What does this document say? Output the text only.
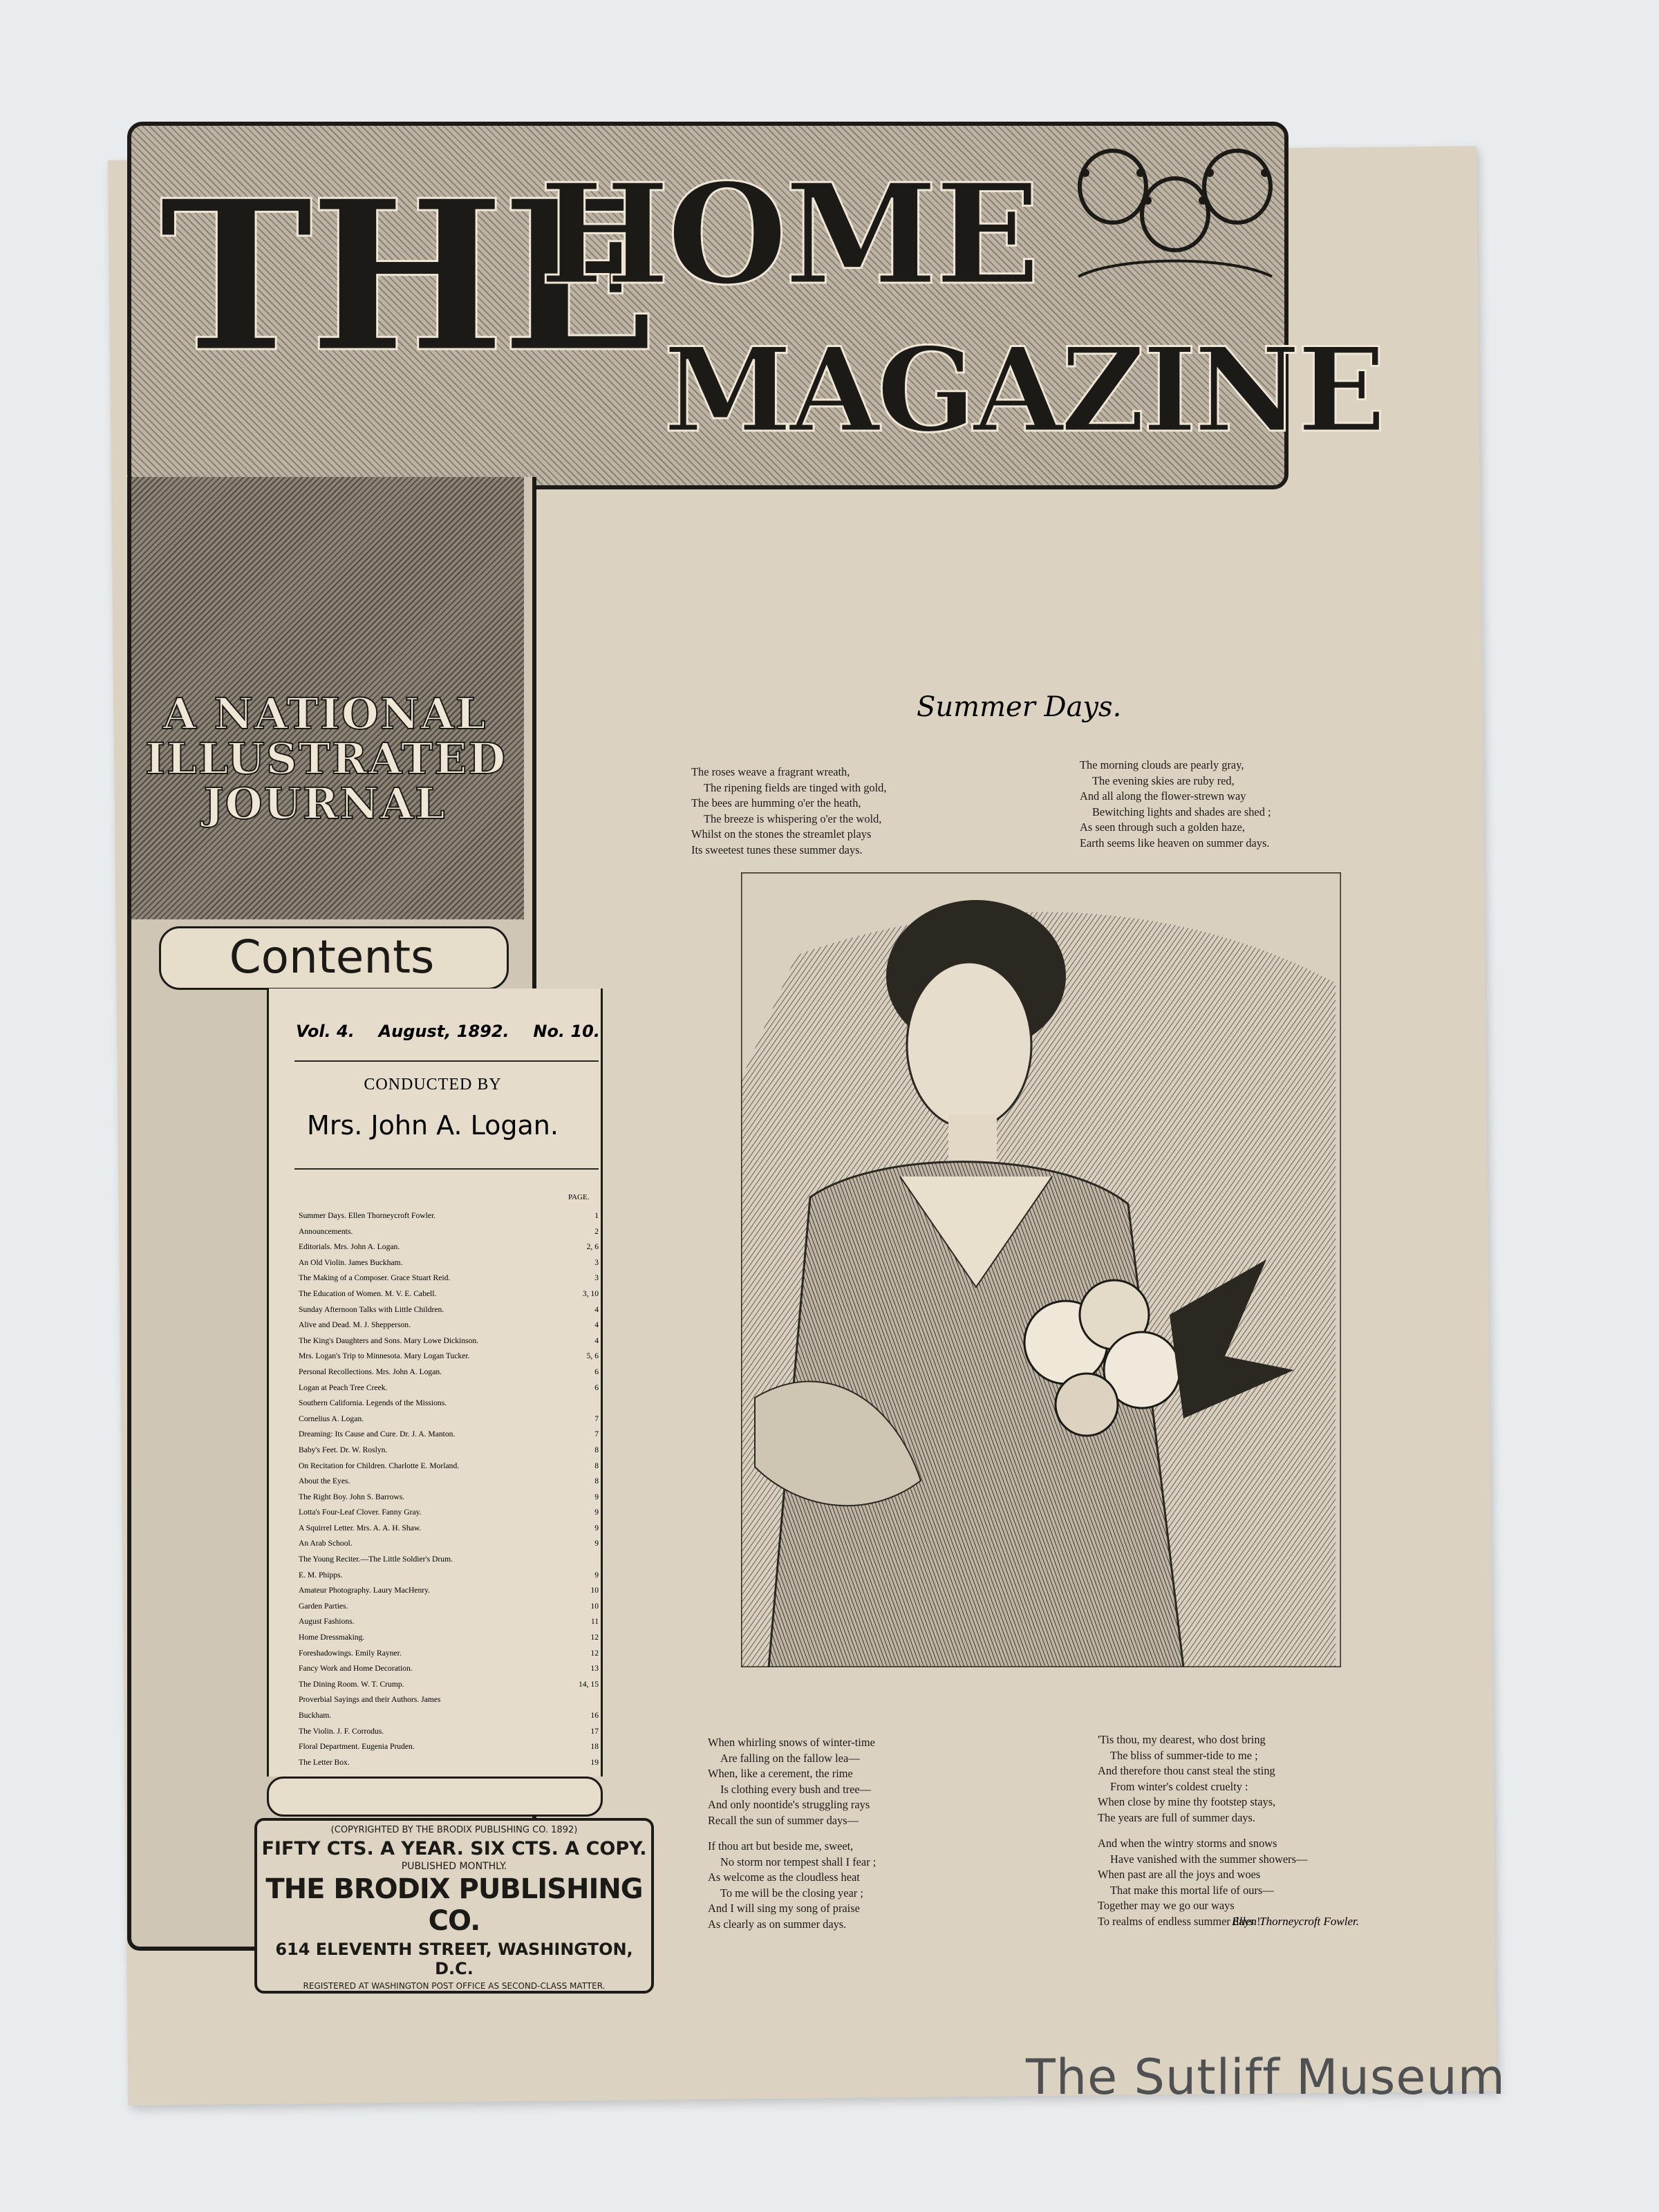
THE
HOME
MAGAZINE
A NATIONAL
ILLUSTRATED
JOURNAL
Contents
Vol. 4. August, 1892. No. 10.
CONDUCTED BY
Mrs. John A. Logan.
PAGE.
Summer Days. Ellen Thorneycroft Fowler.	1
Announcements.	2
Editorials. Mrs. John A. Logan.	2, 6
An Old Violin. James Buckham.	3
The Making of a Composer. Grace Stuart Reid.	3
The Education of Women. M. V. E. Cabell.	3, 10
Sunday Afternoon Talks with Little Children.	4
Alive and Dead. M. J. Shepperson.	4
The King's Daughters and Sons. Mary Lowe Dickinson.	4
Mrs. Logan's Trip to Minnesota. Mary Logan Tucker.	5, 6
Personal Recollections. Mrs. John A. Logan.	6
Logan at Peach Tree Creek.	6
Southern California. Legends of the Missions.
Cornelius A. Logan.	7
Dreaming: Its Cause and Cure. Dr. J. A. Manton.	7
Baby's Feet. Dr. W. Roslyn.	8
On Recitation for Children. Charlotte E. Morland.	8
About the Eyes.	8
The Right Boy. John S. Barrows.	9
Lotta's Four-Leaf Clover. Fanny Gray.	9
A Squirrel Letter. Mrs. A. A. H. Shaw.	9
An Arab School.	9
The Young Reciter.—The Little Soldier's Drum.
E. M. Phipps.	9
Amateur Photography. Laury MacHenry.	10
Garden Parties.	10
August Fashions.	11
Home Dressmaking.	12
Foreshadowings. Emily Rayner.	12
Fancy Work and Home Decoration.	13
The Dining Room. W. T. Crump.	14, 15
Proverbial Sayings and their Authors. James
Buckham.	16
The Violin. J. F. Corrodus.	17
Floral Department. Eugenia Pruden.	18
The Letter Box.	19
(COPYRIGHTED BY THE BRODIX PUBLISHING CO. 1892)
FIFTY CTS. A YEAR. SIX CTS. A COPY.
PUBLISHED MONTHLY.
THE BRODIX PUBLISHING CO.
614 ELEVENTH STREET, WASHINGTON, D.C.
REGISTERED AT WASHINGTON POST OFFICE AS SECOND-CLASS MATTER.
Summer Days.
The roses weave a fragrant wreath,
The ripening fields are tinged with gold,
The bees are humming o'er the heath,
The breeze is whispering o'er the wold,
Whilst on the stones the streamlet plays
Its sweetest tunes these summer days.
The morning clouds are pearly gray,
The evening skies are ruby red,
And all along the flower-strewn way
Bewitching lights and shades are shed ;
As seen through such a golden haze,
Earth seems like heaven on summer days.
When whirling snows of winter-time
Are falling on the fallow lea—
When, like a cerement, the rime
Is clothing every bush and tree—
And only noontide's struggling rays
Recall the sun of summer days—
If thou art but beside me, sweet,
No storm nor tempest shall I fear ;
As welcome as the cloudless heat
To me will be the closing year ;
And I will sing my song of praise
As clearly as on summer days.
'Tis thou, my dearest, who dost bring
The bliss of summer-tide to me ;
And therefore thou canst steal the sting
From winter's coldest cruelty :
When close by mine thy footstep stays,
The years are full of summer days.
And when the wintry storms and snows
Have vanished with the summer showers—
When past are all the joys and woes
That make this mortal life of ours—
Together may we go our ways
To realms of endless summer days !
Ellen Thorneycroft Fowler.
The Sutliff Museum
